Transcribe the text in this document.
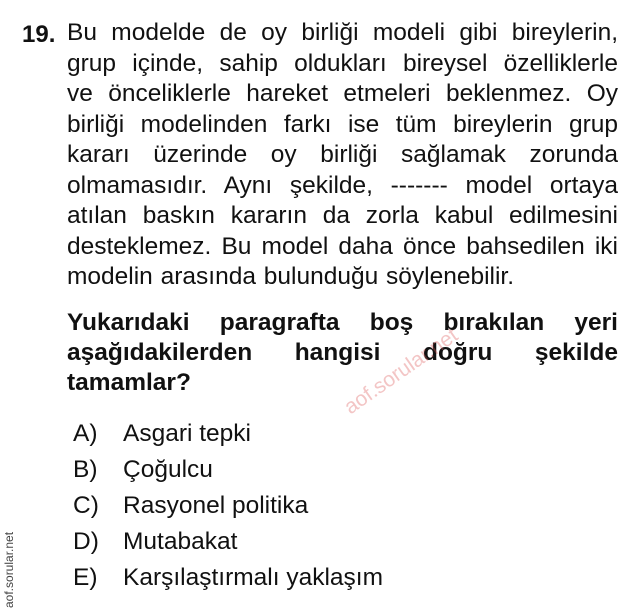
19. Bu modelde de oy birliği modeli gibi bireylerin,
grup içinde, sahip oldukları bireysel özelliklerle
ve önceliklerle hareket etmeleri beklenmez. Oy
birliği modelinden farkı ise tüm bireylerin grup
kararı üzerinde oy birliği sağlamak zorunda
olmamasıdır. Aynı şekilde, ------- model ortaya
atılan baskın kararın da zorla kabul edilmesini
desteklemez. Bu model daha önce bahsedilen iki
modelin arasında bulunduğu söylenebilir.
Yukarıdaki paragrafta boş bırakılan yeri
aşağıdakilerden hangisi doğru şekilde
tamamlar?
A) Asgari tepki
B) Çoğulcu
C) Rasyonel politika
D) Mutabakat
E) Karşılaştırmalı yaklaşım
aof.sorular.net
aof.sorular.net
